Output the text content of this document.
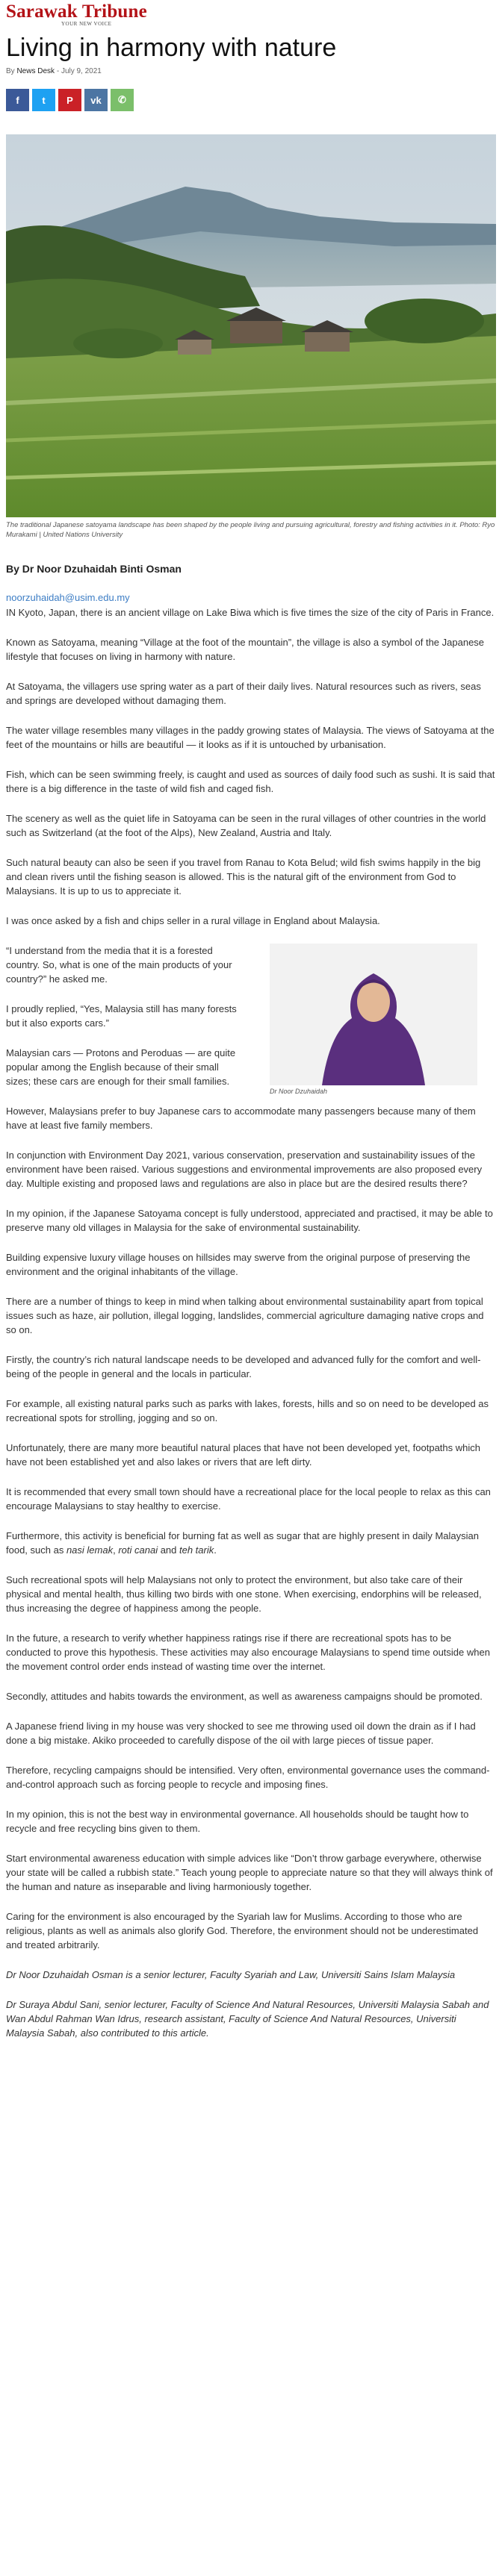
Sarawak Tribune
YOUR NEW VOICE
Living in harmony with nature
By News Desk - July 9, 2021
f t P vk ✆
The traditional Japanese satoyama landscape has been shaped by the people living and pursuing agricultural, forestry and fishing activities in it. Photo: Ryo Murakami | United Nations University
By Dr Noor Dzuhaidah Binti Osman
noorzuhaidah@usim.edu.my

IN Kyoto, Japan, there is an ancient village on Lake Biwa which is five times the size of the city of Paris in France.

Known as Satoyama, meaning “Village at the foot of the mountain”, the village is also a symbol of the Japanese lifestyle that focuses on living in harmony with nature.

At Satoyama, the villagers use spring water as a part of their daily lives. Natural resources such as rivers, seas and springs are developed without damaging them.

The water village resembles many villages in the paddy growing states of Malaysia. The views of Satoyama at the feet of the mountains or hills are beautiful — it looks as if it is untouched by urbanisation.

Fish, which can be seen swimming freely, is caught and used as sources of daily food such as sushi. It is said that there is a big difference in the taste of wild fish and caged fish.

The scenery as well as the quiet life in Satoyama can be seen in the rural villages of other countries in the world such as Switzerland (at the foot of the Alps), New Zealand, Austria and Italy.

Such natural beauty can also be seen if you travel from Ranau to Kota Belud; wild fish swims happily in the big and clean rivers until the fishing season is allowed. This is the natural gift of the environment from God to Malaysians. It is up to us to appreciate it.

I was once asked by a fish and chips seller in a rural village in England about Malaysia.

Dr Noor Dzuhaidah

“I understand from the media that it is a forested country. So, what is one of the main products of your country?” he asked me.

I proudly replied, “Yes, Malaysia still has many forests but it also exports cars.”

Malaysian cars — Protons and Peroduas — are quite popular among the English because of their small sizes; these cars are enough for their small families.

However, Malaysians prefer to buy Japanese cars to accommodate many passengers because many of them have at least five family members.

In conjunction with Environment Day 2021, various conservation, preservation and sustainability issues of the environment have been raised. Various suggestions and environmental improvements are also proposed every day. Multiple existing and proposed laws and regulations are also in place but are the desired results there?

In my opinion, if the Japanese Satoyama concept is fully understood, appreciated and practised, it may be able to preserve many old villages in Malaysia for the sake of environmental sustainability.

Building expensive luxury village houses on hillsides may swerve from the original purpose of preserving the environment and the original inhabitants of the village.

There are a number of things to keep in mind when talking about environmental sustainability apart from topical issues such as haze, air pollution, illegal logging, landslides, commercial agriculture damaging native crops and so on.

Firstly, the country’s rich natural landscape needs to be developed and advanced fully for the comfort and well-being of the people in general and the locals in particular.

For example, all existing natural parks such as parks with lakes, forests, hills and so on need to be developed as recreational spots for strolling, jogging and so on.

Unfortunately, there are many more beautiful natural places that have not been developed yet, footpaths which have not been established yet and also lakes or rivers that are left dirty.

It is recommended that every small town should have a recreational place for the local people to relax as this can encourage Malaysians to stay healthy to exercise.

Furthermore, this activity is beneficial for burning fat as well as sugar that are highly present in daily Malaysian food, such as nasi lemak, roti canai and teh tarik.

Such recreational spots will help Malaysians not only to protect the environment, but also take care of their physical and mental health, thus killing two birds with one stone. When exercising, endorphins will be released, thus increasing the degree of happiness among the people.

In the future, a research to verify whether happiness ratings rise if there are recreational spots has to be conducted to prove this hypothesis. These activities may also encourage Malaysians to spend time outside when the movement control order ends instead of wasting time over the internet.

Secondly, attitudes and habits towards the environment, as well as awareness campaigns should be promoted.

A Japanese friend living in my house was very shocked to see me throwing used oil down the drain as if I had done a big mistake. Akiko proceeded to carefully dispose of the oil with large pieces of tissue paper.

Therefore, recycling campaigns should be intensified. Very often, environmental governance uses the command-and-control approach such as forcing people to recycle and imposing fines.

In my opinion, this is not the best way in environmental governance. All households should be taught how to recycle and free recycling bins given to them.

Start environmental awareness education with simple advices like “Don’t throw garbage everywhere, otherwise your state will be called a rubbish state.” Teach young people to appreciate nature so that they will always think of the human and nature as inseparable and living harmoniously together.

Caring for the environment is also encouraged by the Syariah law for Muslims. According to those who are religious, plants as well as animals also glorify God. Therefore, the environment should not be underestimated and treated arbitrarily.

Dr Noor Dzuhaidah Osman is a senior lecturer, Faculty Syariah and Law, Universiti Sains Islam Malaysia

Dr Suraya Abdul Sani, senior lecturer, Faculty of Science And Natural Resources, Universiti Malaysia Sabah and Wan Abdul Rahman Wan Idrus, research assistant, Faculty of Science And Natural Resources, Universiti Malaysia Sabah, also contributed to this article.
